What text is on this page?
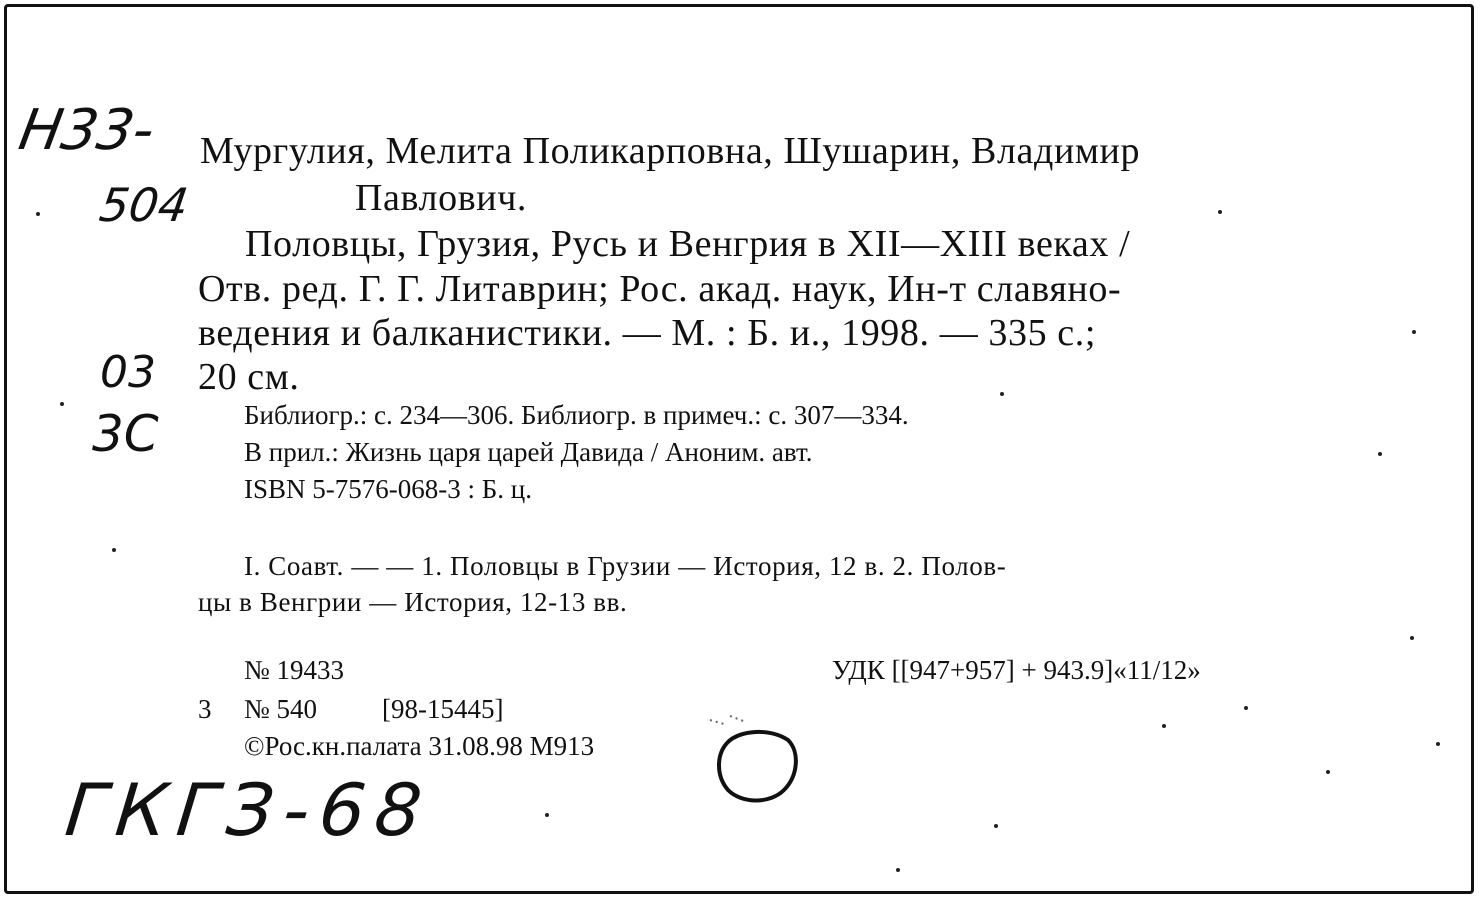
Н33-
504
03
3С
ГКГЗ-68
Мургулия, Мелита Поликарповна, Шушарин, Владимир
Павлович.
Половцы, Грузия, Русь и Венгрия в XII—XIII веках /
Отв. ред. Г. Г. Литаврин; Рос. акад. наук, Ин-т славяно-
ведения и балканистики. — М. : Б. и., 1998. — 335 с.;
20 см.
Библиогр.: с. 234—306. Библиогр. в примеч.: с. 307—334.
В прил.: Жизнь царя царей Давида / Аноним. авт.
ISBN 5-7576-068-3 : Б. ц.
I. Соавт. — — 1. Половцы в Грузии — История, 12 в. 2. Полов-
цы в Венгрии — История, 12-13 вв.
№ 19433	УДК [[947+957] + 943.9]«11/12»
3 № 540 [98-15445]
©Рос.кн.палата 31.08.98 М913
